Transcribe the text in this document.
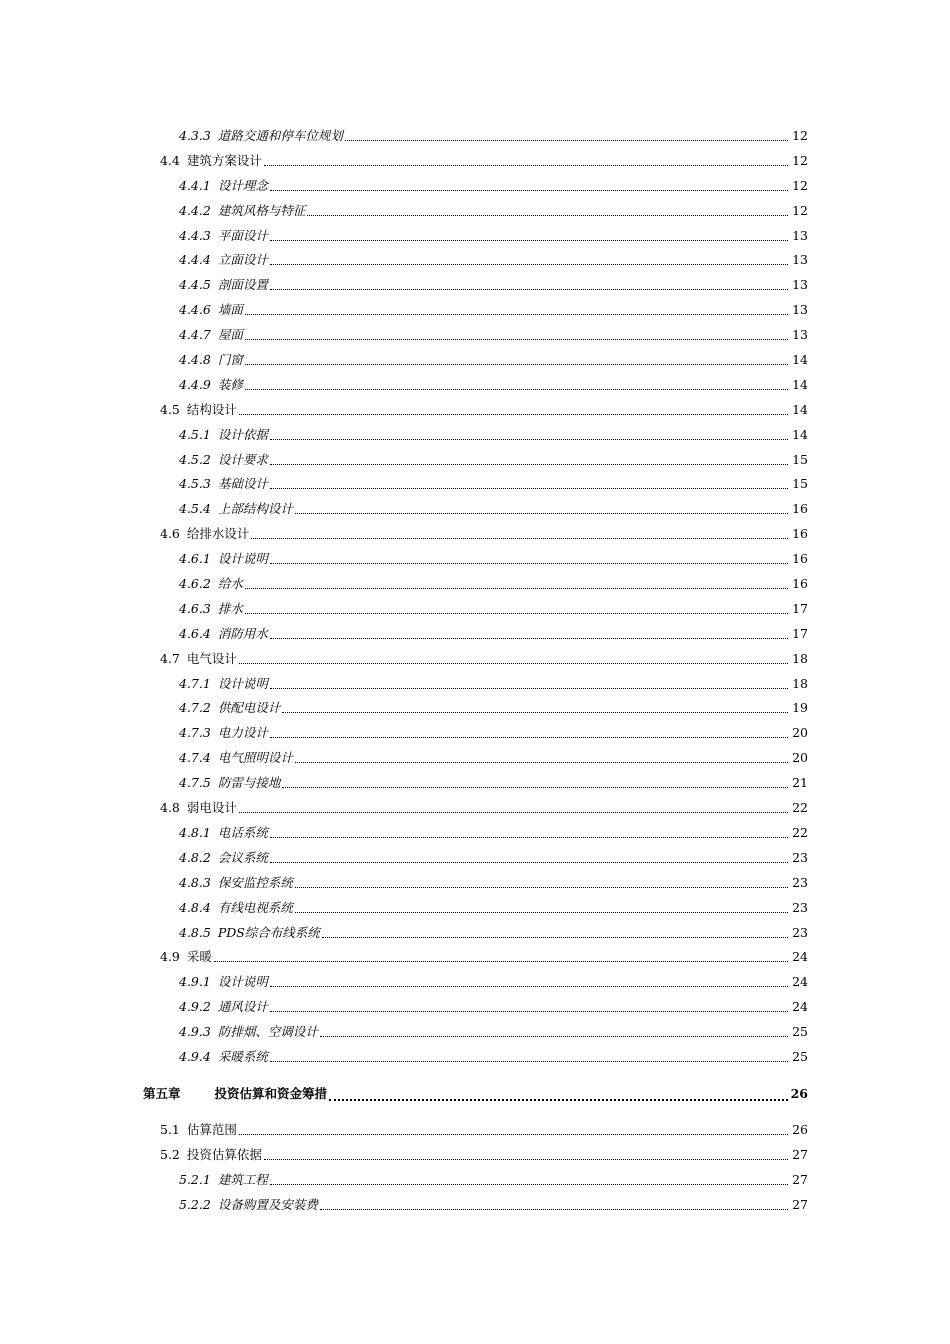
4.3.3 道路交通和停车位规划	12
4.4 建筑方案设计	12
4.4.1 设计理念	12
4.4.2 建筑风格与特征	12
4.4.3 平面设计	13
4.4.4 立面设计	13
4.4.5 剖面设置	13
4.4.6 墙面	13
4.4.7 屋面	13
4.4.8 门窗	14
4.4.9 装修	14
4.5 结构设计	14
4.5.1 设计依据	14
4.5.2 设计要求	15
4.5.3 基础设计	15
4.5.4 上部结构设计	16
4.6 给排水设计	16
4.6.1 设计说明	16
4.6.2 给水	16
4.6.3 排水	17
4.6.4 消防用水	17
4.7 电气设计	18
4.7.1 设计说明	18
4.7.2 供配电设计	19
4.7.3 电力设计	20
4.7.4 电气照明设计	20
4.7.5 防雷与接地	21
4.8 弱电设计	22
4.8.1 电话系统	22
4.8.2 会议系统	23
4.8.3 保安监控系统	23
4.8.4 有线电视系统	23
4.8.5 PDS综合布线系统	23
4.9 采暖	24
4.9.1 设计说明	24
4.9.2 通风设计	24
4.9.3 防排烟、空调设计	25
4.9.4 采暖系统	25
第五章	投资估算和资金筹措	26
5.1 估算范围	26
5.2 投资估算依据	27
5.2.1 建筑工程	27
5.2.2 设备购置及安装费	27
